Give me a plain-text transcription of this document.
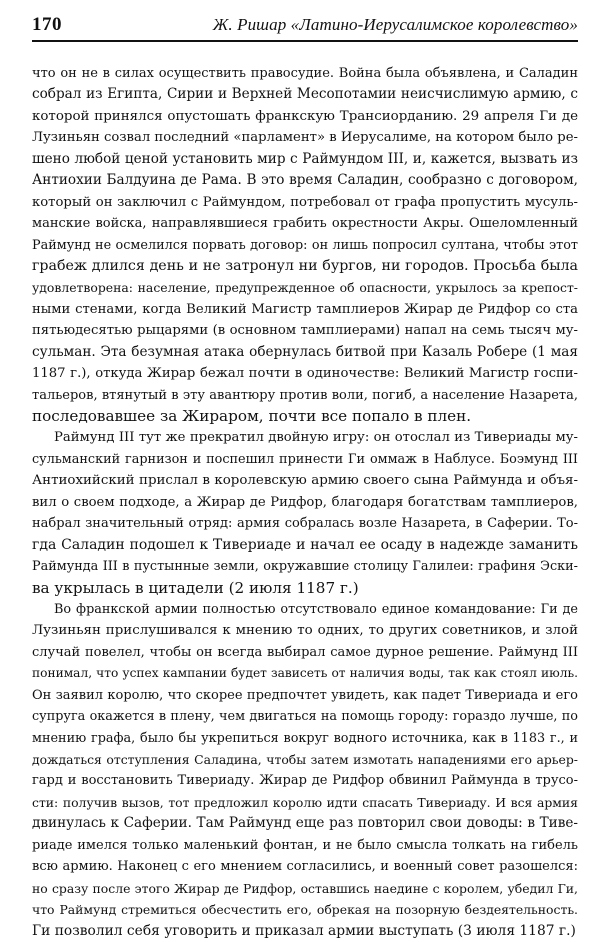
170	Ж. Ришар «Латино-Иерусалимское королевство»
что он не в силах осуществить правосудие. Война была объявлена, и Саладин
собрал из Египта, Сирии и Верхней Месопотамии неисчислимую армию, с
которой принялся опустошать франкскую Трансиорданию. 29 апреля Ги де
Лузиньян созвал последний «парламент» в Иерусалиме, на котором было ре-
шено любой ценой установить мир с Раймундом III, и, кажется, вызвать из
Антиохии Балдуина де Рама. В это время Саладин, сообразно с договором,
который он заключил с Раймундом, потребовал от графа пропустить мусуль-
манские войска, направлявшиеся грабить окрестности Акры. Ошеломленный
Раймунд не осмелился порвать договор: он лишь попросил султана, чтобы этот
грабеж длился день и не затронул ни бургов, ни городов. Просьба была
удовлетворена: население, предупрежденное об опасности, укрылось за крепост-
ными стенами, когда Великий Магистр тамплиеров Жирар де Ридфор со ста
пятьюдесятью рыцарями (в основном тамплиерами) напал на семь тысяч му-
сульман. Эта безумная атака обернулась битвой при Казаль Робере (1 мая
1187 г.), откуда Жирар бежал почти в одиночестве: Великий Магистр госпи-
тальеров, втянутый в эту авантюру против воли, погиб, а население Назарета,
последовавшее за Жираром, почти все попало в плен.
Раймунд III тут же прекратил двойную игру: он отослал из Тивериады му-
сульманский гарнизон и поспешил принести Ги оммаж в Наблусе. Боэмунд III
Антиохийский прислал в королевскую армию своего сына Раймунда и объя-
вил о своем подходе, а Жирар де Ридфор, благодаря богатствам тамплиеров,
набрал значительный отряд: армия собралась возле Назарета, в Саферии. То-
гда Саладин подошел к Тивериаде и начал ее осаду в надежде заманить
Раймунда III в пустынные земли, окружавшие столицу Галилеи: графиня Эски-
ва укрылась в цитадели (2 июля 1187 г.)
Во франкской армии полностью отсутствовало единое командование: Ги де
Лузиньян прислушивался к мнению то одних, то других советников, и злой
случай повелел, чтобы он всегда выбирал самое дурное решение. Раймунд III
понимал, что успех кампании будет зависеть от наличия воды, так как стоял июль.
Он заявил королю, что скорее предпочтет увидеть, как падет Тивериада и его
супруга окажется в плену, чем двигаться на помощь городу: гораздо лучше, по
мнению графа, было бы укрепиться вокруг водного источника, как в 1183 г., и
дождаться отступления Саладина, чтобы затем измотать нападениями его арьер-
гард и восстановить Тивериаду. Жирар де Ридфор обвинил Раймунда в трусо-
сти: получив вызов, тот предложил королю идти спасать Тивериаду. И вся армия
двинулась к Саферии. Там Раймунд еще раз повторил свои доводы: в Тиве-
риаде имелся только маленький фонтан, и не было смысла толкать на гибель
всю армию. Наконец с его мнением согласились, и военный совет разошелся:
но сразу после этого Жирар де Ридфор, оставшись наедине с королем, убедил Ги,
что Раймунд стремиться обесчестить его, обрекая на позорную бездеятельность.
Ги позволил себя уговорить и приказал армии выступать (3 июля 1187 г.)
